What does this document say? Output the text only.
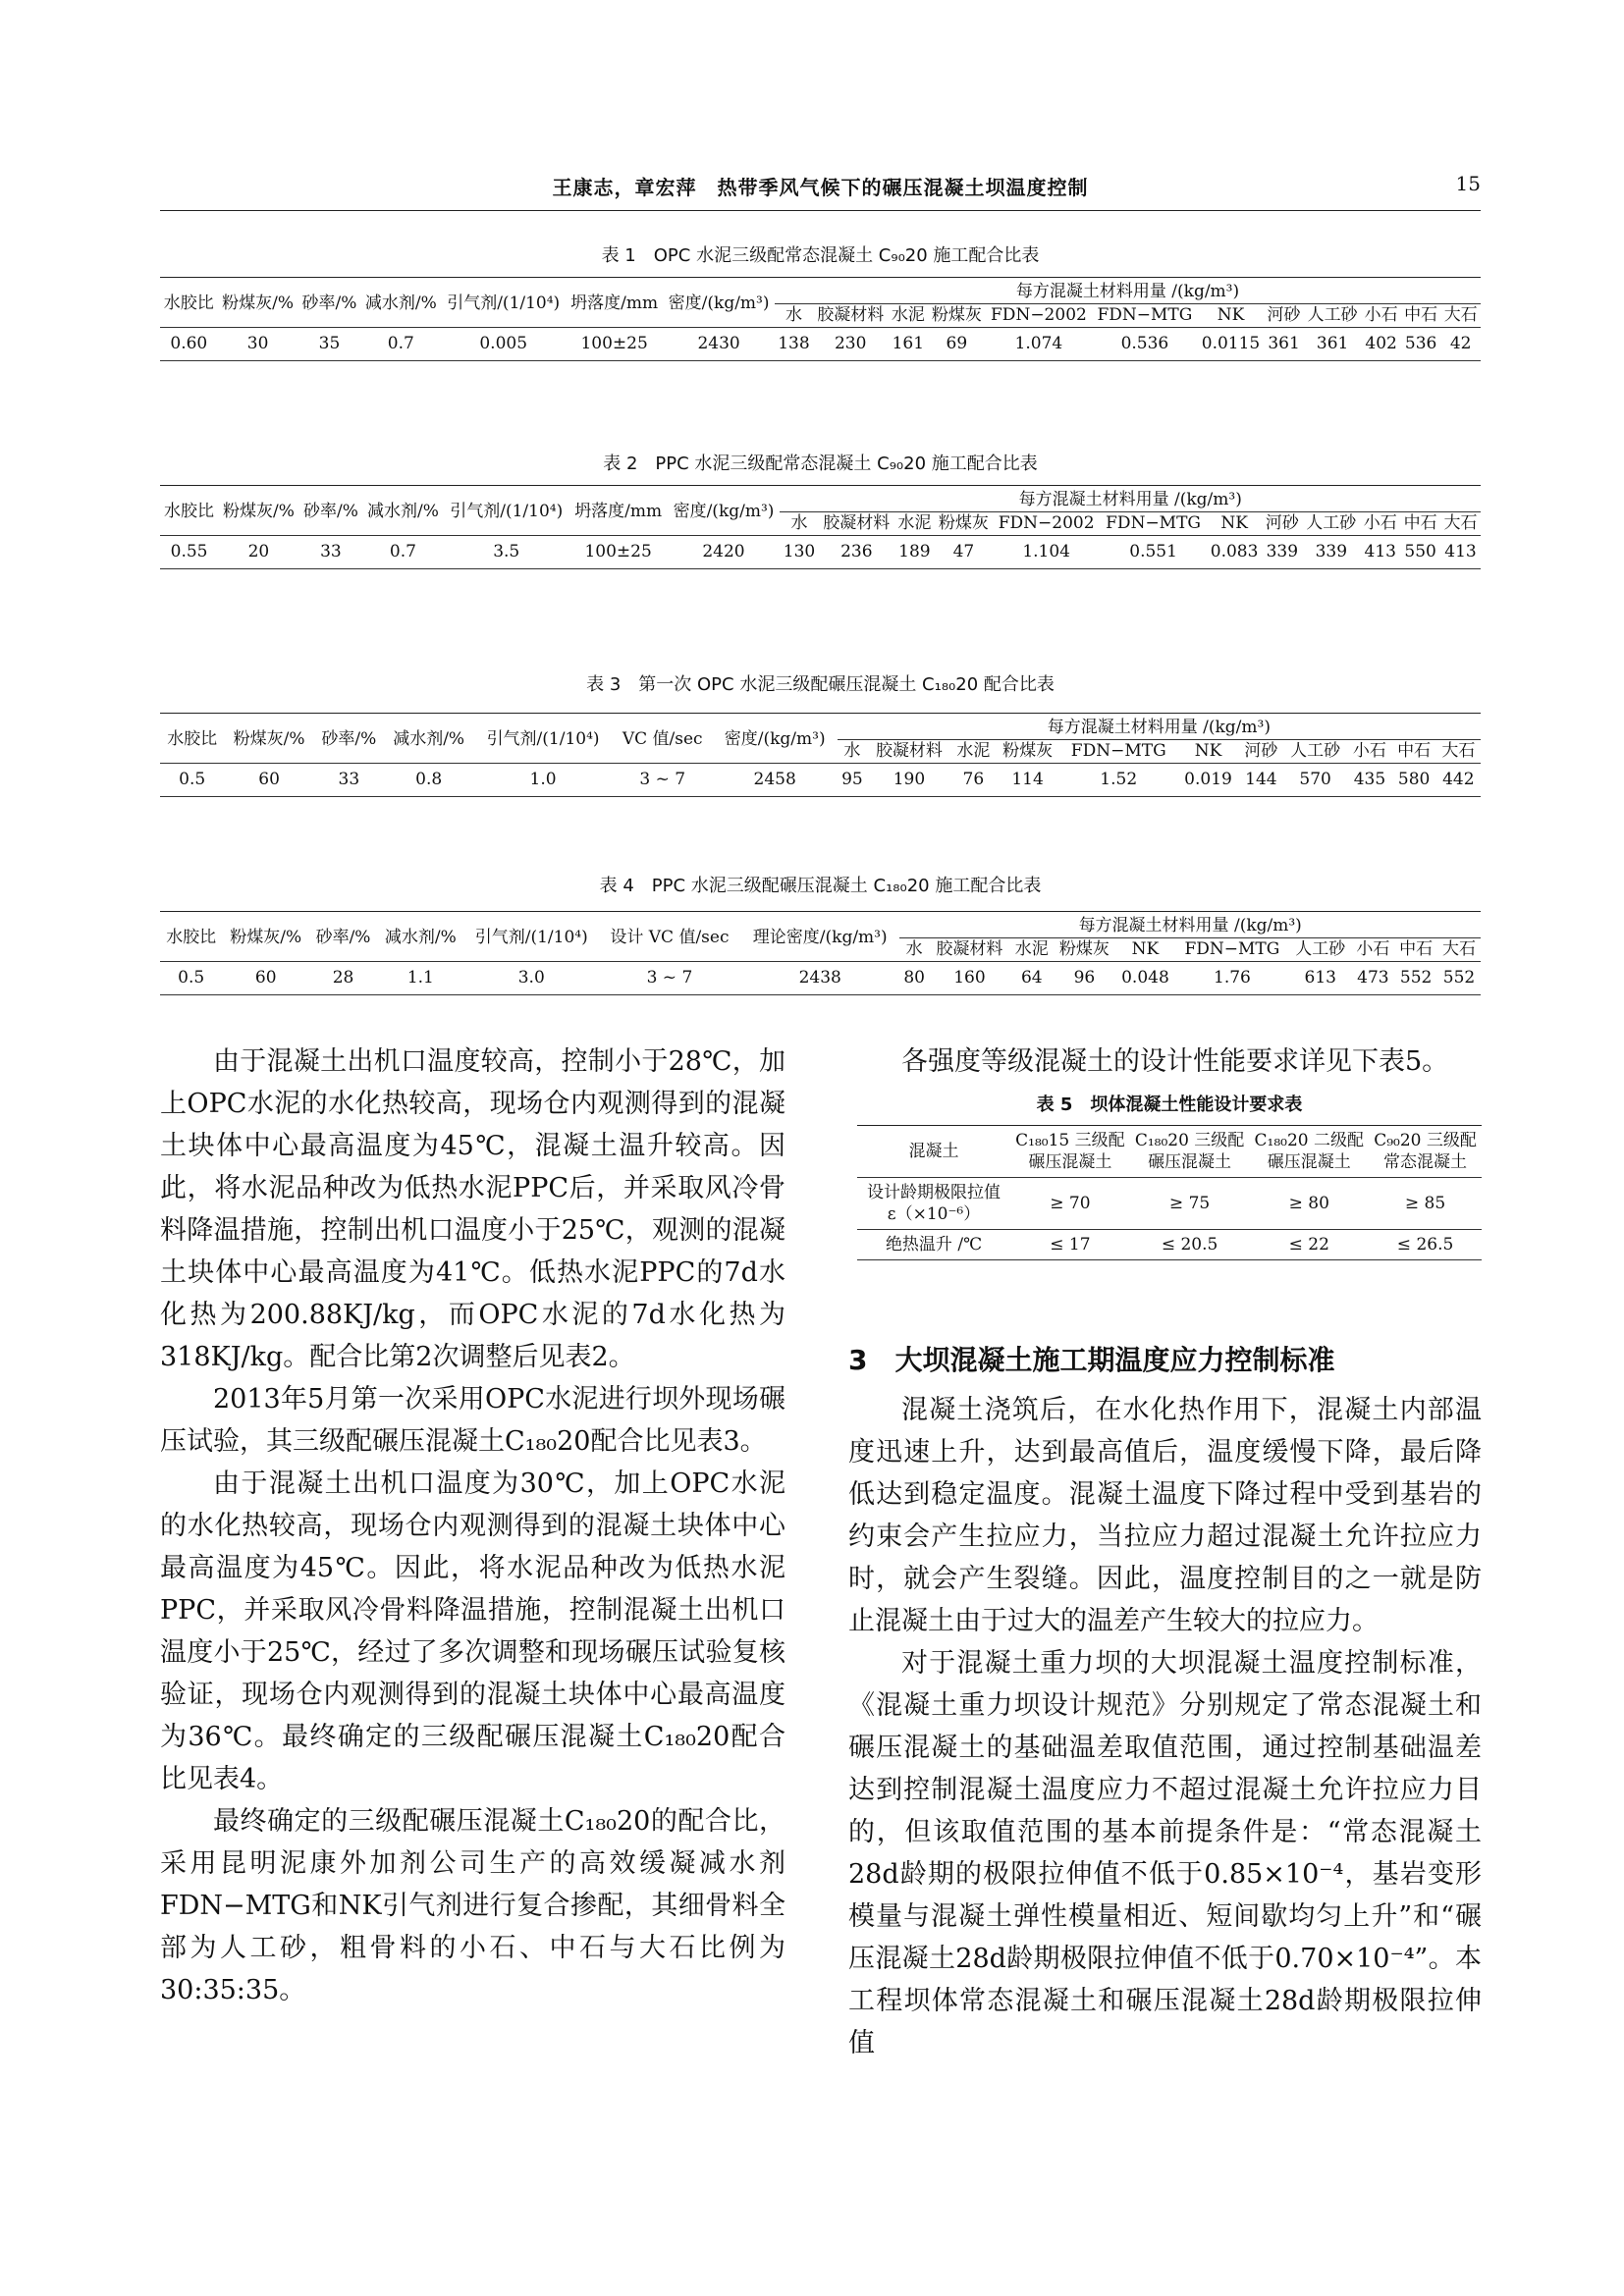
王康志，章宏萍　热带季风气候下的碾压混凝土坝温度控制	15
表 1　OPC 水泥三级配常态混凝土 C₉₀20 施工配合比表
水胶比	粉煤灰/%	砂率/%	减水剂/%	引气剂/(1/10⁴)	坍落度/mm	密度/(kg/m³)	每方混凝土材料用量 /(kg/m³)											
							水	胶凝材料	水泥	粉煤灰	FDN−2002	FDN−MTG	NK	河砂	人工砂	小石	中石	大石
0.60	30	35	0.7	0.005	100±25	2430	138	230	161	69	1.074	0.536	0.0115	361	361	402	536	42
表 2　PPC 水泥三级配常态混凝土 C₉₀20 施工配合比表
水胶比	粉煤灰/%	砂率/%	减水剂/%	引气剂/(1/10⁴)	坍落度/mm	密度/(kg/m³)	每方混凝土材料用量 /(kg/m³)											
							水	胶凝材料	水泥	粉煤灰	FDN−2002	FDN−MTG	NK	河砂	人工砂	小石	中石	大石
0.55	20	33	0.7	3.5	100±25	2420	130	236	189	47	1.104	0.551	0.083	339	339	413	550	413
表 3　第一次 OPC 水泥三级配碾压混凝土 C₁₈₀20 配合比表
水胶比	粉煤灰/%	砂率/%	减水剂/%	引气剂/(1/10⁴)	VC 值/sec	密度/(kg/m³)	每方混凝土材料用量 /(kg/m³)										
							水	胶凝材料	水泥	粉煤灰	FDN−MTG	NK	河砂	人工砂	小石	中石	大石
0.5	60	33	0.8	1.0	3 ~ 7	2458	95	190	76	114	1.52	0.019	144	570	435	580	442
表 4　PPC 水泥三级配碾压混凝土 C₁₈₀20 施工配合比表
水胶比	粉煤灰/%	砂率/%	减水剂/%	引气剂/(1/10⁴)	设计 VC 值/sec	理论密度/(kg/m³)	每方混凝土材料用量 /(kg/m³)									
							水	胶凝材料	水泥	粉煤灰	NK	FDN−MTG	人工砂	小石	中石	大石
0.5	60	28	1.1	3.0	3 ~ 7	2438	80	160	64	96	0.048	1.76	613	473	552	552

由于混凝土出机口温度较高，控制小于28℃，加上OPC水泥的水化热较高，现场仓内观测得到的混凝土块体中心最高温度为45℃，混凝土温升较高。因此，将水泥品种改为低热水泥PPC后，并采取风冷骨料降温措施，控制出机口温度小于25℃，观测的混凝土块体中心最高温度为41℃。低热水泥PPC的7d水化热为200.88KJ/kg，而OPC水泥的7d水化热为318KJ/kg。配合比第2次调整后见表2。

2013年5月第一次采用OPC水泥进行坝外现场碾压试验，其三级配碾压混凝土C₁₈₀20配合比见表3。

由于混凝土出机口温度为30℃，加上OPC水泥的水化热较高，现场仓内观测得到的混凝土块体中心最高温度为45℃。因此，将水泥品种改为低热水泥PPC，并采取风冷骨料降温措施，控制混凝土出机口温度小于25℃，经过了多次调整和现场碾压试验复核验证，现场仓内观测得到的混凝土块体中心最高温度为36℃。最终确定的三级配碾压混凝土C₁₈₀20配合比见表4。

最终确定的三级配碾压混凝土C₁₈₀20的配合比，采用昆明泥康外加剂公司生产的高效缓凝减水剂FDN−MTG和NK引气剂进行复合掺配，其细骨料全部为人工砂，粗骨料的小石、中石与大石比例为30:35:35。

各强度等级混凝土的设计性能要求详见下表5。

表 5　坝体混凝土性能设计要求表
混凝土	C₁₈₀15 三级配碾压混凝土	C₁₈₀20 三级配碾压混凝土	C₁₈₀20 二级配碾压混凝土	C₉₀20 三级配常态混凝土
设计龄期极限拉值 ε（×10⁻⁶）	≥ 70	≥ 75	≥ 80	≥ 85
绝热温升 /℃	≤ 17	≤ 20.5	≤ 22	≤ 26.5
3　大坝混凝土施工期温度应力控制标准

混凝土浇筑后，在水化热作用下，混凝土内部温度迅速上升，达到最高值后，温度缓慢下降，最后降低达到稳定温度。混凝土温度下降过程中受到基岩的约束会产生拉应力，当拉应力超过混凝土允许拉应力时，就会产生裂缝。因此，温度控制目的之一就是防止混凝土由于过大的温差产生较大的拉应力。

对于混凝土重力坝的大坝混凝土温度控制标准，《混凝土重力坝设计规范》分别规定了常态混凝土和碾压混凝土的基础温差取值范围，通过控制基础温差达到控制混凝土温度应力不超过混凝土允许拉应力目的，但该取值范围的基本前提条件是：“常态混凝土28d龄期的极限拉伸值不低于0.85×10⁻⁴，基岩变形模量与混凝土弹性模量相近、短间歇均匀上升”和“碾压混凝土28d龄期极限拉伸值不低于0.70×10⁻⁴”。本工程坝体常态混凝土和碾压混凝土28d龄期极限拉伸值
